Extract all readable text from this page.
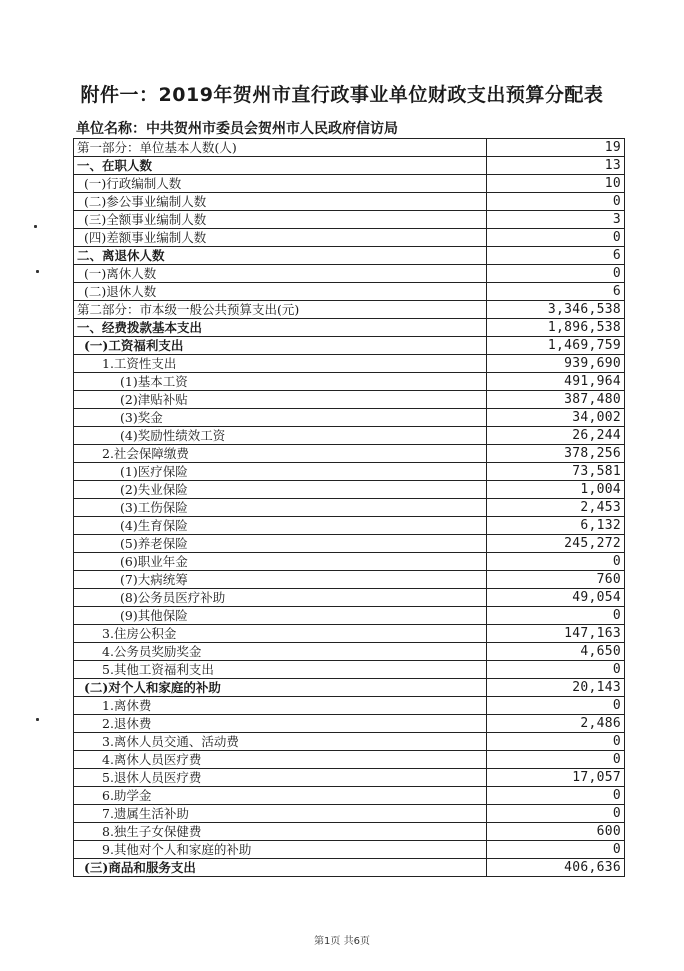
附件一：2019年贺州市直行政事业单位财政支出预算分配表
单位名称：中共贺州市委员会贺州市人民政府信访局
第一部分：单位基本人数(人)	19
一、在职人数	13
(一)行政编制人数	10
(二)参公事业编制人数	0
(三)全额事业编制人数	3
(四)差额事业编制人数	0
二、离退休人数	6
(一)离休人数	0
(二)退休人数	6
第二部分：市本级一般公共预算支出(元)	3,346,538
一、经费拨款基本支出	1,896,538
(一)工资福利支出	1,469,759
1.工资性支出	939,690
(1)基本工资	491,964
(2)津贴补贴	387,480
(3)奖金	34,002
(4)奖励性绩效工资	26,244
2.社会保障缴费	378,256
(1)医疗保险	73,581
(2)失业保险	1,004
(3)工伤保险	2,453
(4)生育保险	6,132
(5)养老保险	245,272
(6)职业年金	0
(7)大病统筹	760
(8)公务员医疗补助	49,054
(9)其他保险	0
3.住房公积金	147,163
4.公务员奖励奖金	4,650
5.其他工资福利支出	0
(二)对个人和家庭的补助	20,143
1.离休费	0
2.退休费	2,486
3.离休人员交通、活动费	0
4.离休人员医疗费	0
5.退休人员医疗费	17,057
6.助学金	0
7.遗属生活补助	0
8.独生子女保健费	600
9.其他对个人和家庭的补助	0
(三)商品和服务支出	406,636
第1页 共6页
